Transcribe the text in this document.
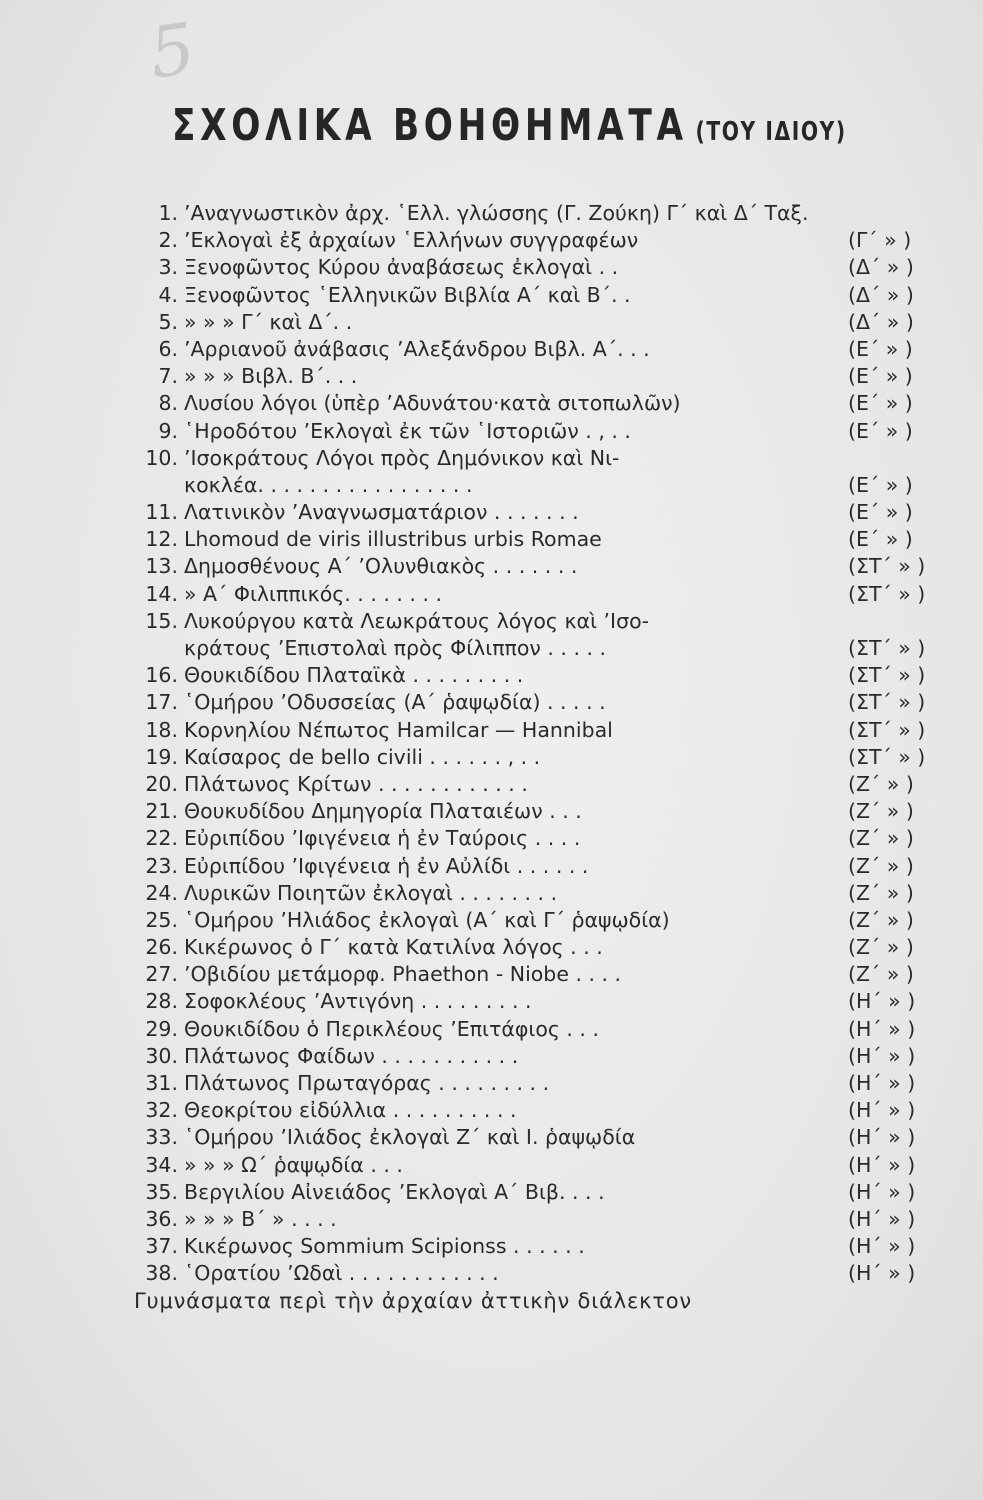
5
ΣΧΟΛΙΚΑ ΒΟΗΘΗΜΑΤΑ (ΤΟΥ ΙΔΙΟΥ)
1. ’Αναγνωστικὸν ἀρχ. ῾Ελλ. γλώσσης (Γ. Ζούκη) Γ΄ καὶ Δ΄ Ταξ.
2. ’Εκλογαὶ ἐξ ἀρχαίων ῾Ελλήνων συγγραφέων	(Γ΄ » )
3. Ξενοφῶντος Κύρου ἀναβάσεως ἐκλογαὶ . .	(Δ΄ » )
4. Ξενοφῶντος ῾Ελληνικῶν Βιβλία Α΄ καὶ Β΄. .	(Δ΄ » )
5. » » » Γ΄ καὶ Δ΄. .	(Δ΄ » )
6. ’Αρριανοῦ ἀνάβασις ’Αλεξάνδρου Βιβλ. Α΄. . .	(Ε΄ » )
7. » » » Βιβλ. Β΄. . .	(Ε΄ » )
8. Λυσίου λόγοι (ὑπὲρ ’Αδυνάτου·κατὰ σιτοπωλῶν)	(Ε΄ » )
9. ῾Ηροδότου ’Εκλογαὶ ἐκ τῶν ῾Ιστοριῶν . , . .	(Ε΄ » )
10. ’Ισοκράτους Λόγοι πρὸς Δημόνικον καὶ Νι-
κοκλέα. . . . . . . . . . . . . . . . .	(Ε΄ » )
11. Λατινικὸν ’Αναγνωσματάριον . . . . . . .	(Ε΄ » )
12. Lhomoud de viris illustribus urbis Romae	(Ε΄ » )
13. Δημοσθένους Α΄ ’Ολυνθιακὸς . . . . . . .	(ΣΤ΄ » )
14. » Α΄ Φιλιππικός. . . . . . . .	(ΣΤ΄ » )
15. Λυκούργου κατὰ Λεωκράτους λόγος καὶ ’Ισο-
κράτους ’Επιστολαὶ πρὸς Φίλιππον . . . . .	(ΣΤ΄ » )
16. Θουκιδίδου Πλαταϊκὰ . . . . . . . . .	(ΣΤ΄ » )
17. ῾Ομήρου ’Οδυσσείας (Α΄ ῥαψῳδία) . . . . .	(ΣΤ΄ » )
18. Κορνηλίου Νέπωτος Hamilcar — Hannibal	(ΣΤ΄ » )
19. Καίσαρος de bello civili . . . . . . , . .	(ΣΤ΄ » )
20. Πλάτωνος Κρίτων . . . . . . . . . . . .	(Ζ΄ » )
21. Θουκυδίδου Δημηγορία Πλαταιέων . . .	(Ζ΄ » )
22. Εὐριπίδου ’Ιφιγένεια ἡ ἐν Ταύροις . . . .	(Ζ΄ » )
23. Εὐριπίδου ’Ιφιγένεια ἡ ἐν Αὐλίδι . . . . . .	(Ζ΄ » )
24. Λυρικῶν Ποιητῶν ἐκλογαὶ . . . . . . . .	(Ζ΄ » )
25. ῾Ομήρου ’Ηλιάδος ἐκλογαὶ (Α΄ καὶ Γ΄ ῥαψῳδία)	(Ζ΄ » )
26. Κικέρωνος ὁ Γ΄ κατὰ Κατιλίνα λόγος . . .	(Ζ΄ » )
27. ’Οβιδίου μετάμορφ. Phaethon - Niobe . . . .	(Ζ΄ » )
28. Σοφοκλέους ’Αντιγόνη . . . . . . . . .	(Η΄ » )
29. Θουκιδίδου ὁ Περικλέους ’Επιτάφιος . . .	(Η΄ » )
30. Πλάτωνος Φαίδων . . . . . . . . . . .	(Η΄ » )
31. Πλάτωνος Πρωταγόρας . . . . . . . . .	(Η΄ » )
32. Θεοκρίτου εἰδύλλια . . . . . . . . . .	(Η΄ » )
33. ῾Ομήρου ’Ιλιάδος ἐκλογαὶ Ζ΄ καὶ Ι. ῥαψῳδία	(Η΄ » )
34. » » » Ω΄ ῥαψῳδία . . .	(Η΄ » )
35. Βεργιλίου Αἰνειάδος ’Εκλογαὶ Α΄ Βιβ. . . .	(Η΄ » )
36. » » » Β΄ » . . . .	(Η΄ » )
37. Κικέρωνος Sommium Scipionss . . . . . .	(Η΄ » )
38. ῾Ορατίου ’Ωδαὶ . . . . . . . . . . . .	(Η΄ » )
Γυμνάσματα περὶ τὴν ἀρχαίαν ἀττικὴν διάλεκτον
